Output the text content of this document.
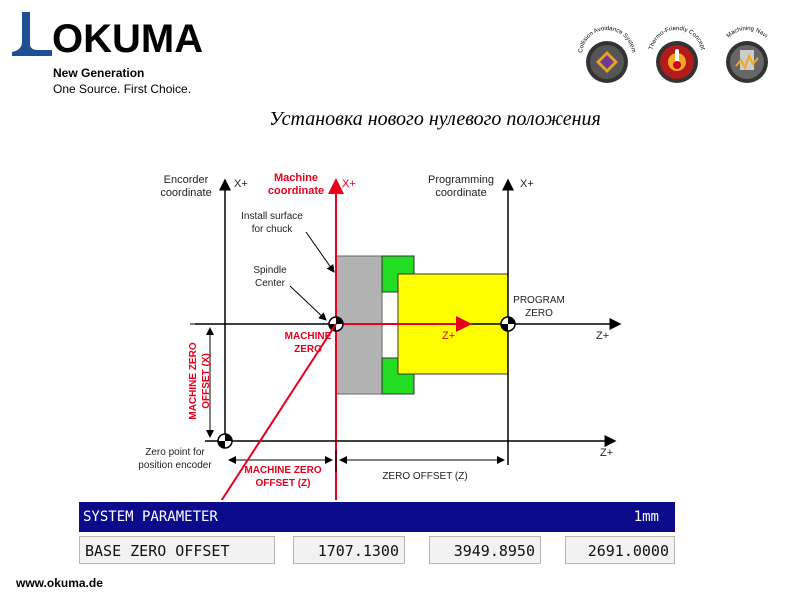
OKUMA
New Generation
One Source. First Choice.
Collision Avoidance System Thermo-Friendly Concept
Machining Navi
Установка нового нулевого положения
Encorder
coordinate
X+	Machine
coordinate
X+	Programming
coordinate
X+
Install surface
for chuck
Spindle
Center
MACHINE
ZERO
PROGRAM
ZERO
Z+
Z+
Z+
Zero point for
position encoder
MACHINE ZERO OFFSET (X)
MACHINE ZERO
OFFSET (Z)
ZERO OFFSET (Z)
SYSTEM PARAMETER	1mm
BASE ZERO OFFSET	1707.1300	3949.8950	2691.0000
www.okuma.de
